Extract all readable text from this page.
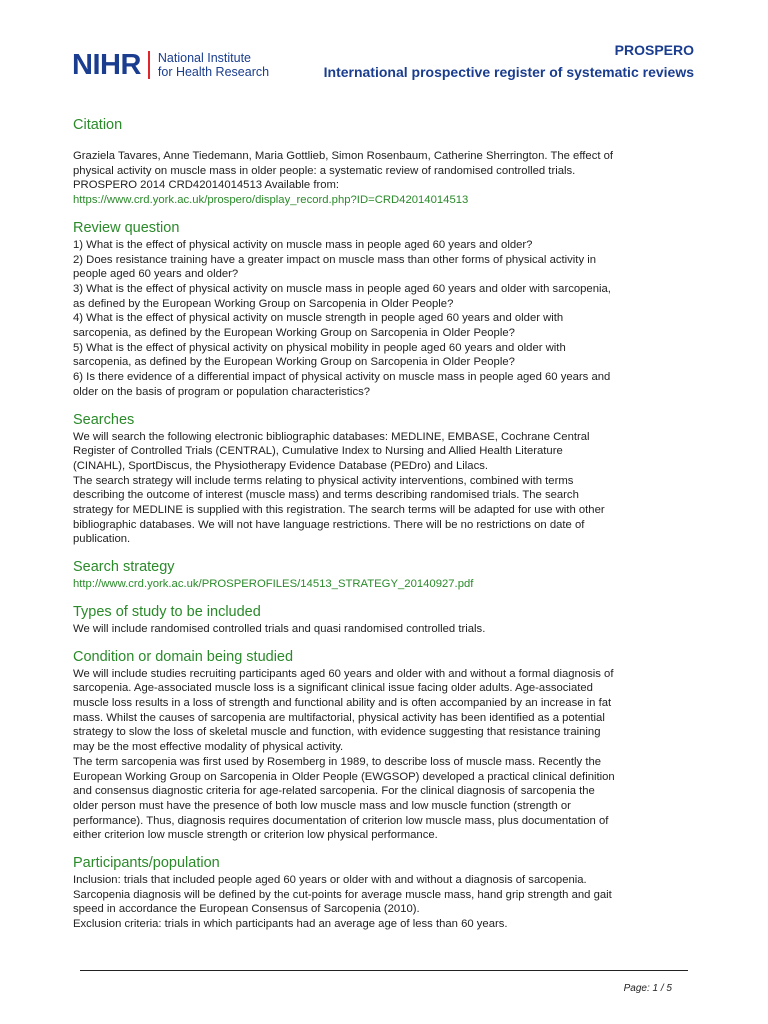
NIHR National Institute
for Health Research
PROSPERO
International prospective register of systematic reviews
Citation

Graziela Tavares, Anne Tiedemann, Maria Gottlieb, Simon Rosenbaum, Catherine Sherrington. The effect of

physical activity on muscle mass in older people: a systematic review of randomised controlled trials.

PROSPERO 2014 CRD42014014513 Available from:

https://www.crd.york.ac.uk/prospero/display_record.php?ID=CRD42014014513
Review question

1) What is the effect of physical activity on muscle mass in people aged 60 years and older?

2) Does resistance training have a greater impact on muscle mass than other forms of physical activity in

people aged 60 years and older?

3) What is the effect of physical activity on muscle mass in people aged 60 years and older with sarcopenia,

as defined by the European Working Group on Sarcopenia in Older People?

4) What is the effect of physical activity on muscle strength in people aged 60 years and older with

sarcopenia, as defined by the European Working Group on Sarcopenia in Older People?

5) What is the effect of physical activity on physical mobility in people aged 60 years and older with

sarcopenia, as defined by the European Working Group on Sarcopenia in Older People?

6) Is there evidence of a differential impact of physical activity on muscle mass in people aged 60 years and

older on the basis of program or population characteristics?

Searches

We will search the following electronic bibliographic databases: MEDLINE, EMBASE, Cochrane Central

Register of Controlled Trials (CENTRAL), Cumulative Index to Nursing and Allied Health Literature

(CINAHL), SportDiscus, the Physiotherapy Evidence Database (PEDro) and Lilacs.

The search strategy will include terms relating to physical activity interventions, combined with terms

describing the outcome of interest (muscle mass) and terms describing randomised trials. The search

strategy for MEDLINE is supplied with this registration. The search terms will be adapted for use with other

bibliographic databases. We will not have language restrictions. There will be no restrictions on date of

publication.

Search strategy
http://www.crd.york.ac.uk/PROSPEROFILES/14513_STRATEGY_20140927.pdf
Types of study to be included

We will include randomised controlled trials and quasi randomised controlled trials.

Condition or domain being studied

We will include studies recruiting participants aged 60 years and older with and without a formal diagnosis of

sarcopenia. Age-associated muscle loss is a significant clinical issue facing older adults. Age-associated

muscle loss results in a loss of strength and functional ability and is often accompanied by an increase in fat

mass. Whilst the causes of sarcopenia are multifactorial, physical activity has been identified as a potential

strategy to slow the loss of skeletal muscle and function, with evidence suggesting that resistance training

may be the most effective modality of physical activity.

The term sarcopenia was first used by Rosemberg in 1989, to describe loss of muscle mass. Recently the

European Working Group on Sarcopenia in Older People (EWGSOP) developed a practical clinical definition

and consensus diagnostic criteria for age-related sarcopenia. For the clinical diagnosis of sarcopenia the

older person must have the presence of both low muscle mass and low muscle function (strength or

performance). Thus, diagnosis requires documentation of criterion low muscle mass, plus documentation of

either criterion low muscle strength or criterion low physical performance.

Participants/population

Inclusion: trials that included people aged 60 years or older with and without a diagnosis of sarcopenia.

Sarcopenia diagnosis will be defined by the cut-points for average muscle mass, hand grip strength and gait

speed in accordance the European Consensus of Sarcopenia (2010).

Exclusion criteria: trials in which participants had an average age of less than 60 years.

Page: 1 / 5
